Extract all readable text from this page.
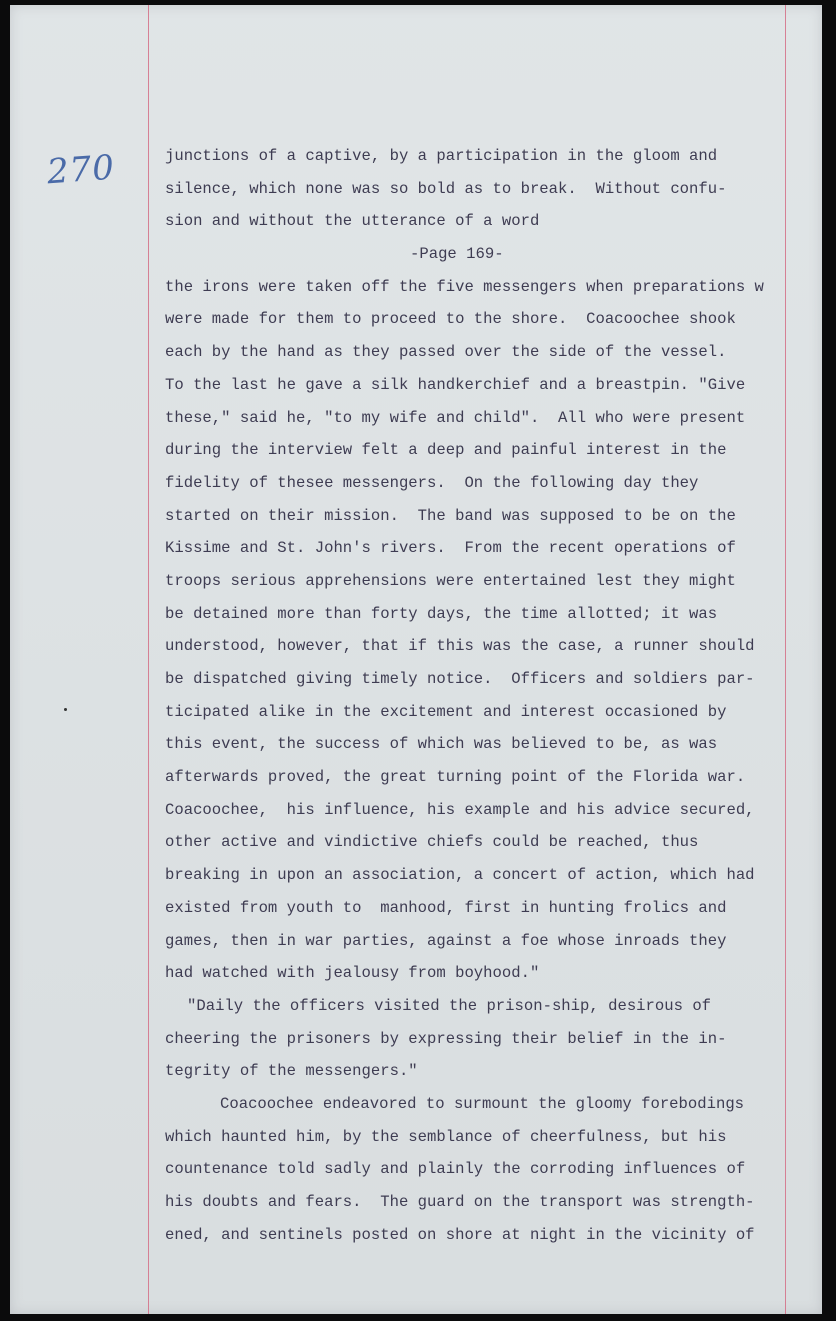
270	junctions of a captive, by a participation in the gloom and
silence, which none was so bold as to break.  Without confu-
sion and without the utterance of a word
-Page 169-
the irons were taken off the five messengers when preparations w
were made for them to proceed to the shore.  Coacoochee shook
each by the hand as they passed over the side of the vessel.
To the last he gave a silk handkerchief and a breastpin. "Give
these," said he, "to my wife and child".  All who were present
during the interview felt a deep and painful interest in the
fidelity of thesee messengers.  On the following day they
started on their mission.  The band was supposed to be on the
Kissime and St. John's rivers.  From the recent operations of
troops serious apprehensions were entertained lest they might
be detained more than forty days, the time allotted; it was
understood, however, that if this was the case, a runner should
be dispatched giving timely notice.  Officers and soldiers par-
ticipated alike in the excitement and interest occasioned by
this event, the success of which was believed to be, as was
afterwards proved, the great turning point of the Florida war.
Coacoochee,  his influence, his example and his advice secured,
other active and vindictive chiefs could be reached, thus
breaking in upon an association, a concert of action, which had
existed from youth to  manhood, first in hunting frolics and
games, then in war parties, against a foe whose inroads they
had watched with jealousy from boyhood."
"Daily the officers visited the prison-ship, desirous of
cheering the prisoners by expressing their belief in the in-
tegrity of the messengers."
Coacoochee endeavored to surmount the gloomy forebodings
which haunted him, by the semblance of cheerfulness, but his
countenance told sadly and plainly the corroding influences of
his doubts and fears.  The guard on the transport was strength-
ened, and sentinels posted on shore at night in the vicinity of
